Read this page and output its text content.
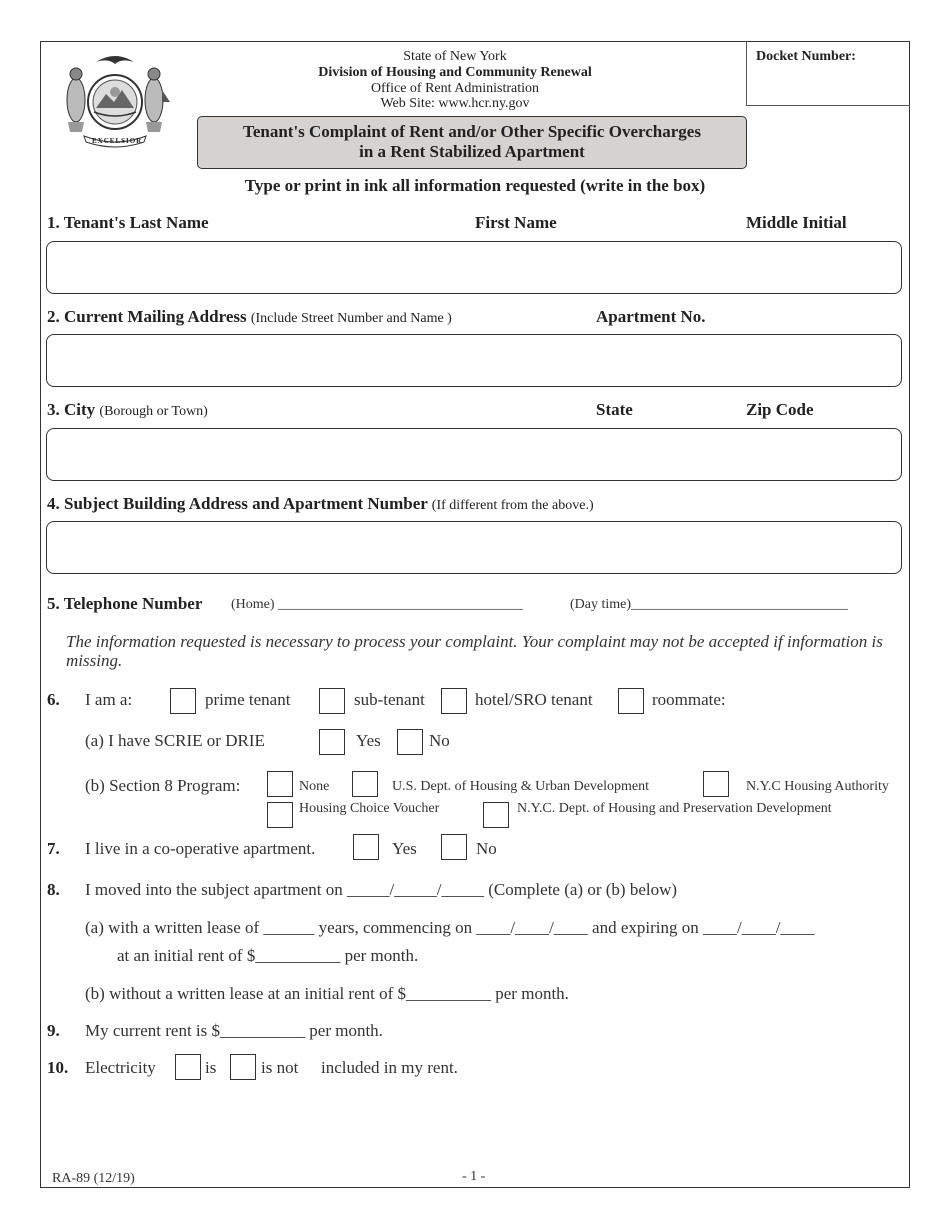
EXCELSIOR
State of New York
Division of Housing and Community Renewal
Office of Rent Administration
Web Site: www.hcr.ny.gov
Docket Number:
Tenant's Complaint of Rent and/or Other Specific Overcharges
in a Rent Stabilized Apartment
Type or print in ink all information requested (write in the box)
1. Tenant's Last Name	First Name	Middle Initial
2. Current Mailing Address (Include Street Number and Name )	Apartment No.
3. City (Borough or Town)	State	Zip Code
4. Subject Building Address and Apartment Number (If different from the above.)
5. Telephone Number (Home) ___________________________________	(Day time)_______________________________
The information requested is necessary to process your complaint. Your complaint may not be accepted if information is missing.
6. I am a:	prime tenant	sub-tenant	hotel/SRO tenant	roommate:
(a) I have SCRIE or DRIE	Yes	No
(b) Section 8 Program:	None	U.S. Dept. of Housing & Urban Development	N.Y.C Housing Authority
Housing Choice Voucher	N.Y.C. Dept. of Housing and Preservation Development
7. I live in a co-operative apartment.	Yes	No
8. I moved into the subject apartment on _____/_____/_____ (Complete (a) or (b) below)
(a) with a written lease of ______ years, commencing on ____/____/____ and expiring on ____/____/____
at an initial rent of $__________ per month.
(b) without a written lease at an initial rent of $__________ per month.
9. My current rent is $__________ per month.
10. Electricity	is	is not included in my rent.
RA-89 (12/19)	- 1 -
